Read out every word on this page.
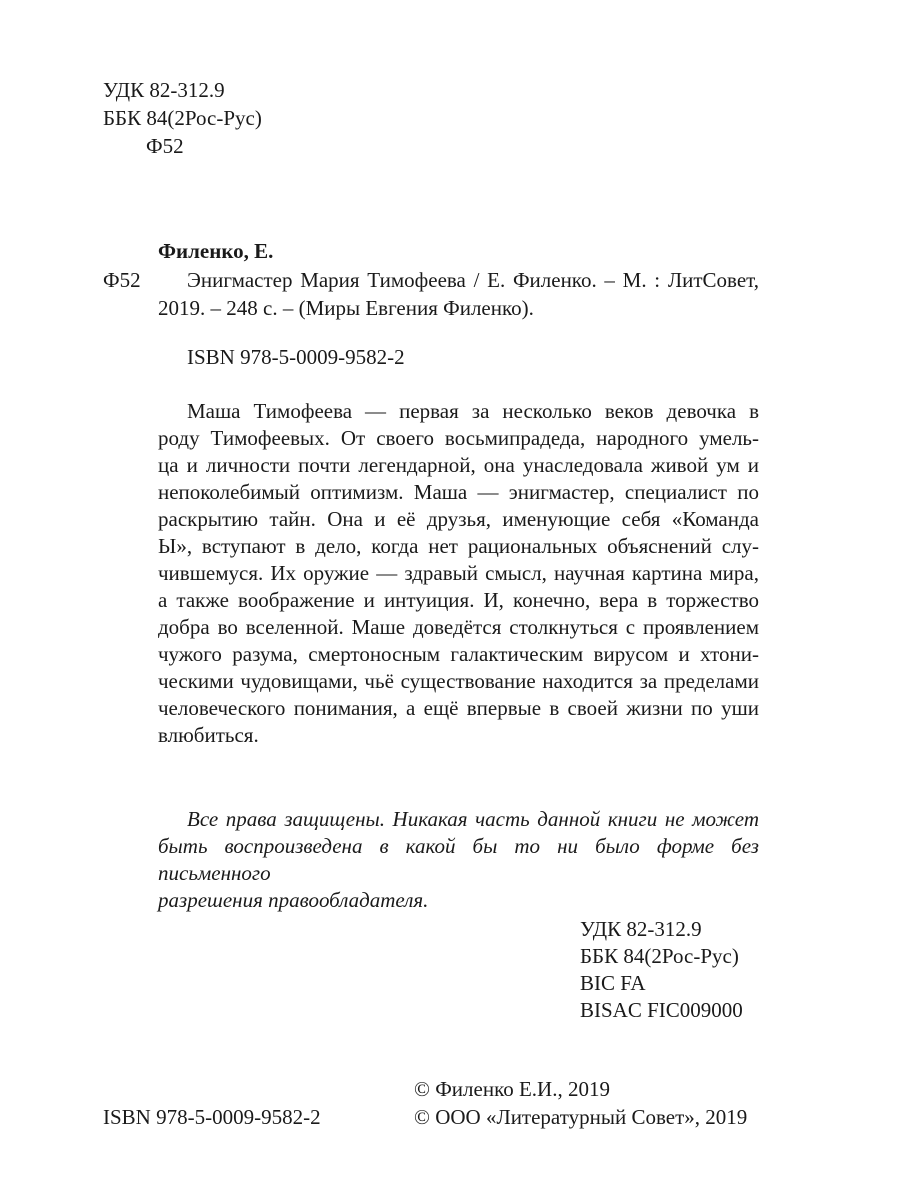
УДК 82-312.9
ББК 84(2Рос-Рус)
Ф52
Филенко, Е.
Ф52 Энигмастер Мария Тимофеева / Е. Филенко. – М. : ЛитСовет,
2019. – 248 с. – (Миры Евгения Филенко).
ISBN 978-5-0009-9582-2
Маша Тимофеева — первая за несколько веков девочка в
роду Тимофеевых. От своего восьмипрадеда, народного умель-
ца и личности почти легендарной, она унаследовала живой ум и
непоколебимый оптимизм. Маша — энигмастер, специалист по
раскрытию тайн. Она и её друзья, именующие себя «Команда
Ы», вступают в дело, когда нет рациональных объяснений слу-
чившемуся. Их оружие — здравый смысл, научная картина мира,
а также воображение и интуиция. И, конечно, вера в торжество
добра во вселенной. Маше доведётся столкнуться с проявлением
чужого разума, смертоносным галактическим вирусом и хтони-
ческими чудовищами, чьё существование находится за пределами
человеческого понимания, а ещё впервые в своей жизни по уши
влюбиться.
Все права защищены. Никакая часть данной книги не может
быть воспроизведена в какой бы то ни было форме без письменного
разрешения правообладателя.
УДК 82-312.9
ББК 84(2Рос-Рус)
BIC FA
BISAC FIC009000
ISBN 978-5-0009-9582-2
© Филенко Е.И., 2019
© ООО «Литературный Совет», 2019
